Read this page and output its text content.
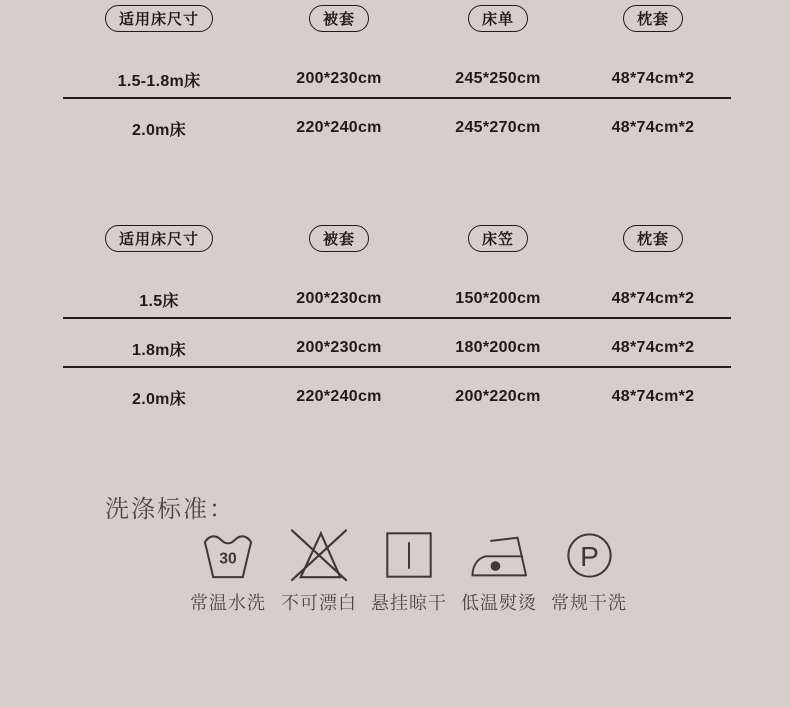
适用床尺寸	被套	床单	枕套
1.5-1.8m床	200*230cm	245*250cm	48*74cm*2
2.0m床	220*240cm	245*270cm	48*74cm*2
适用床尺寸	被套	床笠	枕套
1.5床	200*230cm	150*200cm	48*74cm*2
1.8m床	200*230cm	180*200cm	48*74cm*2
2.0m床	220*240cm	200*220cm	48*74cm*2
洗涤标准：
30
常温水洗 不可漂白 悬挂晾干 低温熨烫
P
常规干洗
